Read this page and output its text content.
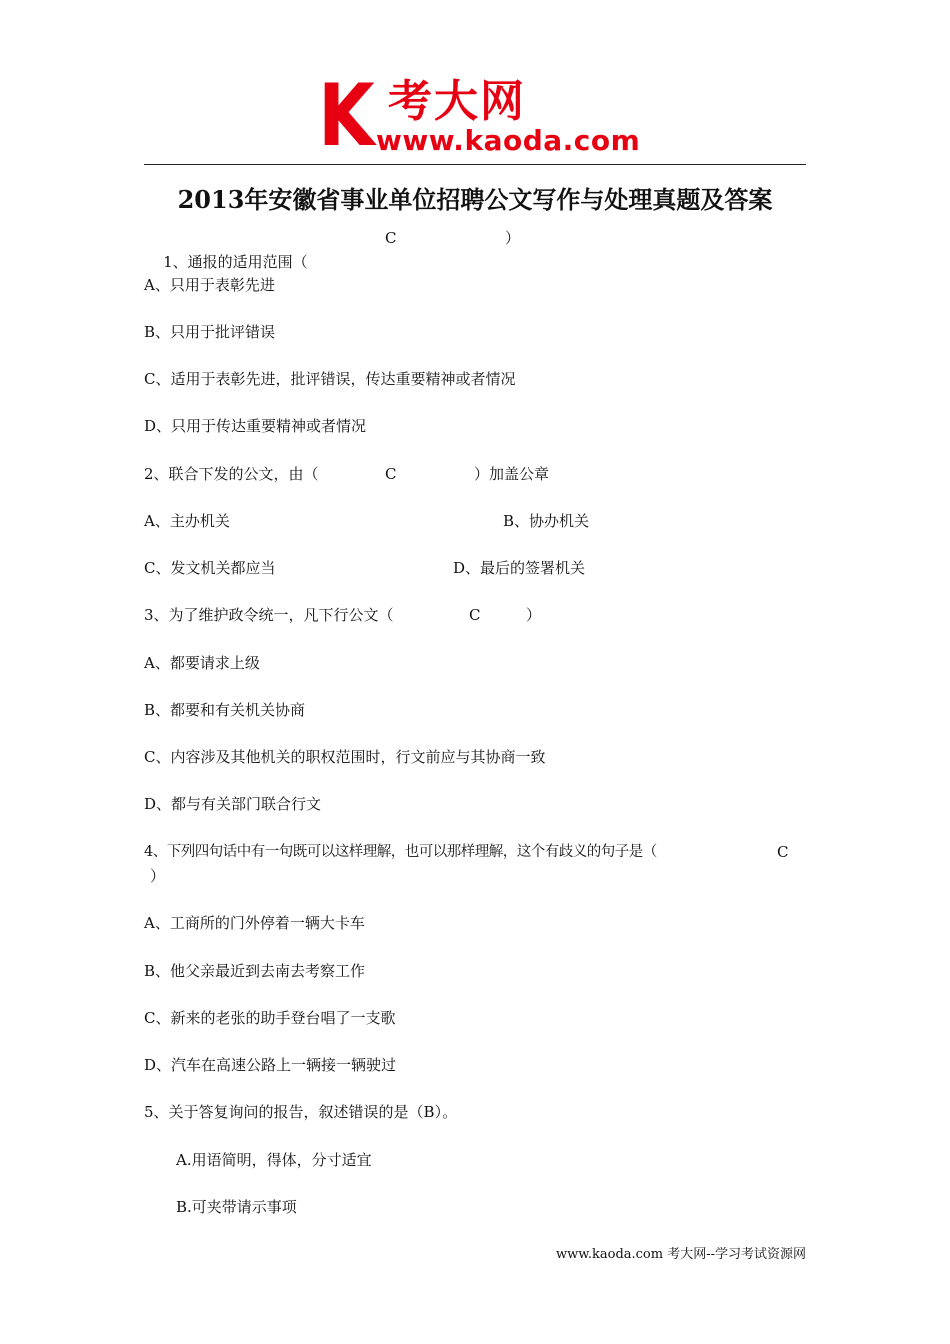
K 考大网
www.kaoda.com
2013年安徽省事业单位招聘公文写作与处理真题及答案

1、通报的适用范围（

C	）
A、只用于表彰先进
B、只用于批评错误
C、适用于表彰先进，批评错误，传达重要精神或者情况
D、只用于传达重要精神或者情况
2、联合下发的公文，由（	C	）加盖公章
A、主办机关	B、协办机关
C、发文机关都应当	D、最后的签署机关
3、为了维护政令统一，凡下行公文（	C	）
A、都要请求上级
B、都要和有关机关协商
C、内容涉及其他机关的职权范围时，行文前应与其协商一致
D、都与有关部门联合行文
4、下列四句话中有一句既可以这样理解，也可以那样理解，这个有歧义的句子是（	C
）
A、工商所的门外停着一辆大卡车
B、他父亲最近到去南去考察工作
C、新来的老张的助手登台唱了一支歌
D、汽车在高速公路上一辆接一辆驶过
5、关于答复询问的报告，叙述错误的是（B）。
A.用语简明，得体，分寸适宜
B.可夹带请示事项
www.kaoda.com 考大网--学习考试资源网
